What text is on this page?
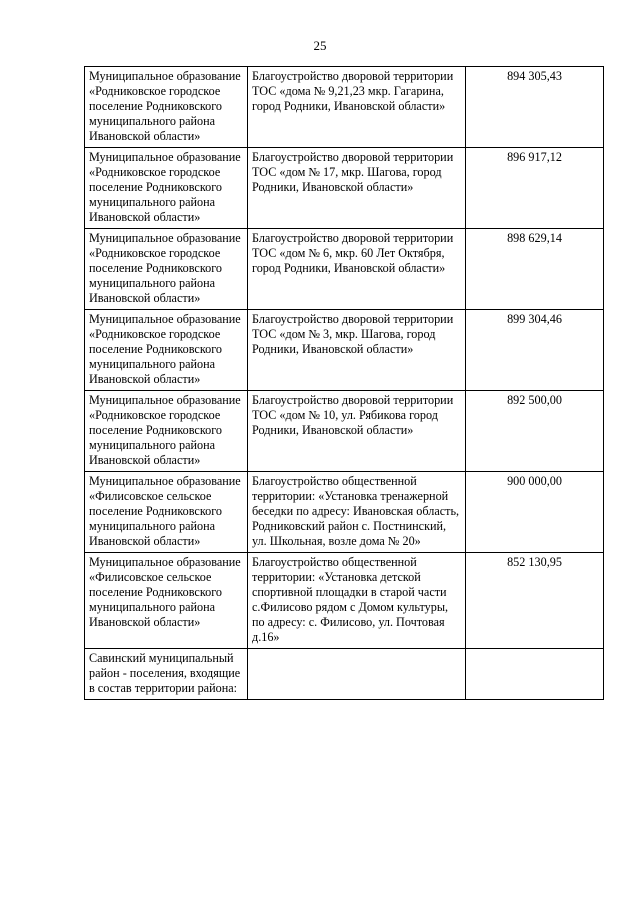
25
Муниципальное образование «Родниковское городское поселение Родниковского муниципального района Ивановской области»	Благоустройство дворовой территории ТОС «дома № 9,21,23 мкр. Гагарина, город Родники, Ивановской области»	894 305,43
Муниципальное образование «Родниковское городское поселение Родниковского муниципального района Ивановской области»	Благоустройство дворовой территории ТОС «дом № 17, мкр. Шагова, город Родники, Ивановской области»	896 917,12
Муниципальное образование «Родниковское городское поселение Родниковского муниципального района Ивановской области»	Благоустройство дворовой территории ТОС «дом № 6, мкр. 60 Лет Октября, город Родники, Ивановской области»	898 629,14
Муниципальное образование «Родниковское городское поселение Родниковского муниципального района Ивановской области»	Благоустройство дворовой территории ТОС «дом № 3, мкр. Шагова, город Родники, Ивановской области»	899 304,46
Муниципальное образование «Родниковское городское поселение Родниковского муниципального района Ивановской области»	Благоустройство дворовой территории ТОС «дом № 10, ул. Рябикова город Родники, Ивановской области»	892 500,00
Муниципальное образование «Филисовское сельское поселение Родниковского муниципального района Ивановской области»	Благоустройство общественной территории: «Установка тренажерной беседки по адресу: Ивановская область, Родниковский район с. Постнинский, ул. Школьная, возле дома № 20»	900 000,00
Муниципальное образование «Филисовское сельское поселение Родниковского муниципального района Ивановской области»	Благоустройство общественной территории: «Установка детской спортивной площадки в старой части с.Филисово рядом с Домом культуры, по адресу: с. Филисово, ул. Почтовая д.16»	852 130,95
Савинский муниципальный район - поселения, входящие в состав территории района:		
